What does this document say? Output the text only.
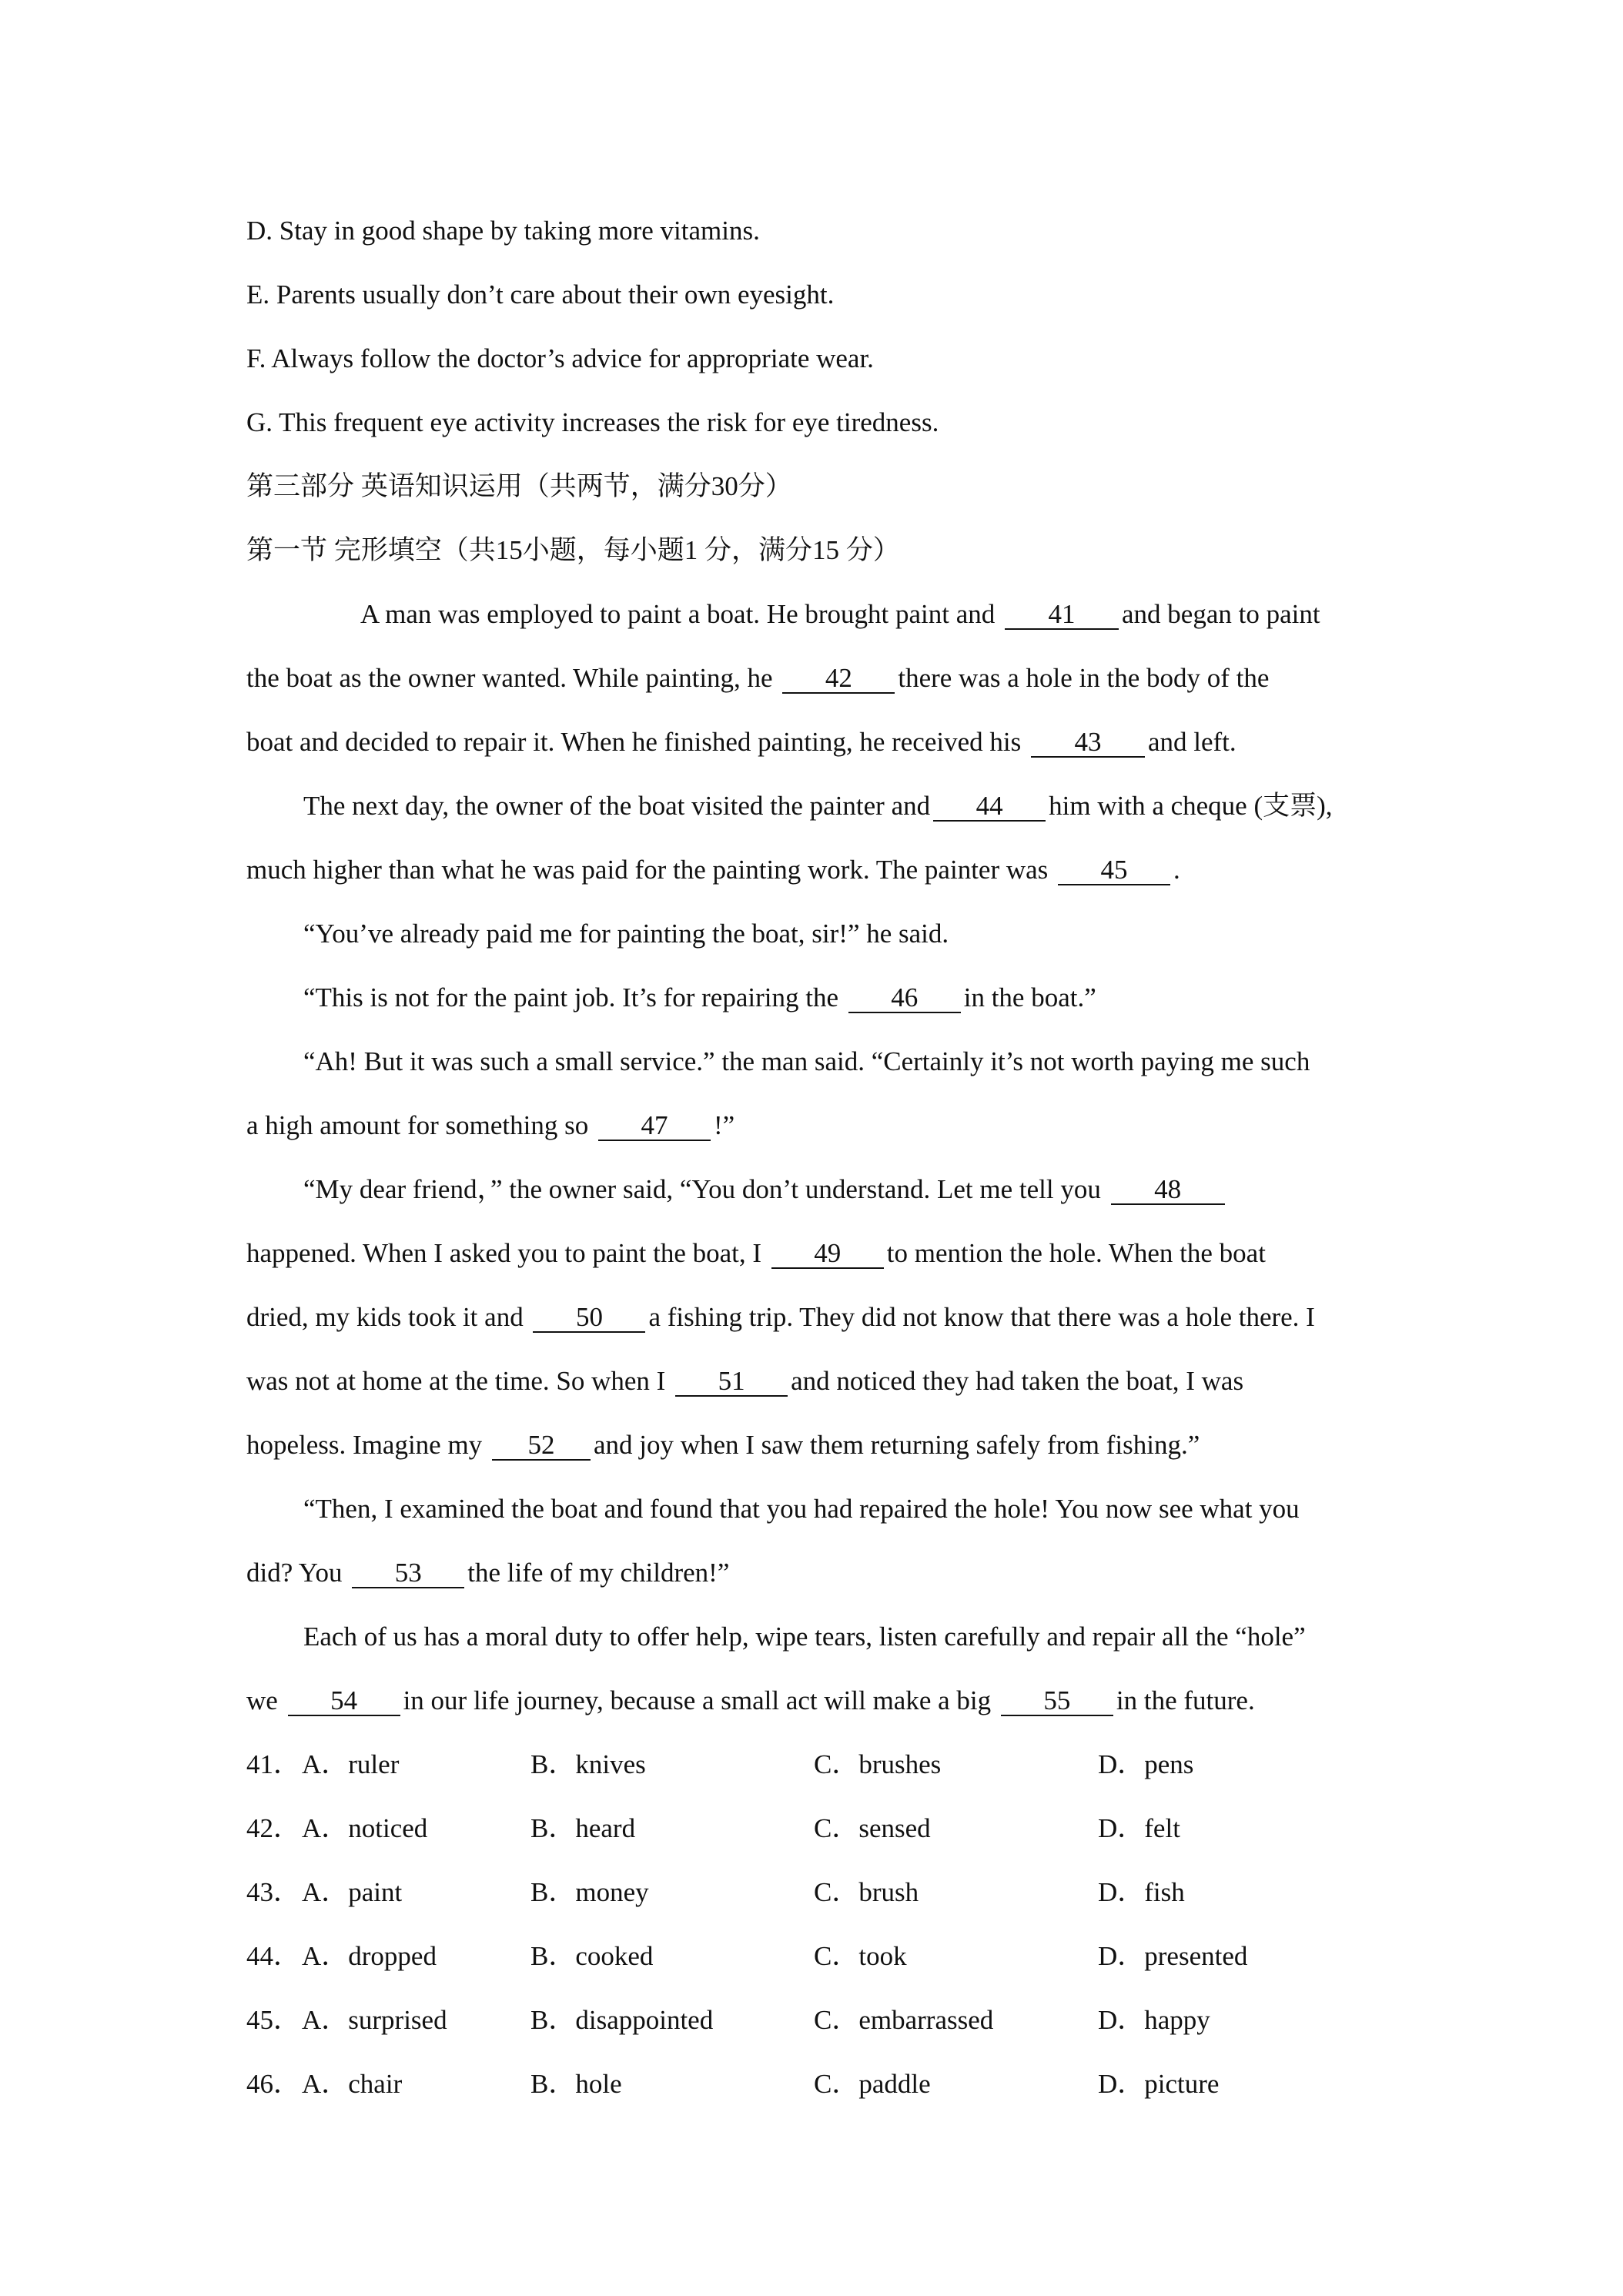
D. Stay in good shape by taking more vitamins.
E. Parents usually don’t care about their own eyesight.
F. Always follow the doctor’s advice for appropriate wear.
G. This frequent eye activity increases the risk for eye tiredness.
第三部分 英语知识运用（共两节，满分30分）
第一节 完形填空（共15小题，每小题1 分，满分15 分）
A man was employed to paint a boat. He brought paint and 41 and began to paint
the boat as the owner wanted. While painting, he 42 there was a hole in the body of the
boat and decided to repair it. When he finished painting, he received his 43 and left.
The next day, the owner of the boat visited the painter and 44 him with a cheque (支票),
much higher than what he was paid for the painting work. The painter was 45 .
“You’ve already paid me for painting the boat, sir!” he said.
“This is not for the paint job. It’s for repairing the 46 in the boat.”
“Ah! But it was such a small service.” the man said. “Certainly it’s not worth paying me such
a high amount for something so 47 !”
“My dear friend，” the owner said, “You don’t understand. Let me tell you 48
happened. When I asked you to paint the boat, I 49 to mention the hole. When the boat
dried, my kids took it and 50 a fishing trip. They did not know that there was a hole there. I
was not at home at the time. So when I 51 and noticed they had taken the boat, I was
hopeless. Imagine my 52 and joy when I saw them returning safely from fishing.”
“Then, I examined the boat and found that you had repaired the hole! You now see what you
did? You 53 the life of my children!”
Each of us has a moral duty to offer help, wipe tears, listen carefully and repair all the “hole”
we 54 in our life journey, because a small act will make a big 55 in the future.
41． A．ruler	B．knives	C．brushes	D．pens
42． A．noticed	B．heard	C．sensed	D．felt
43． A．paint	B．money	C．brush	D．fish
44． A．dropped	B．cooked	C．took	D．presented
45． A．surprised	B．disappointed	C．embarrassed	D．happy
46． A．chair	B．hole	C．paddle	D．picture
